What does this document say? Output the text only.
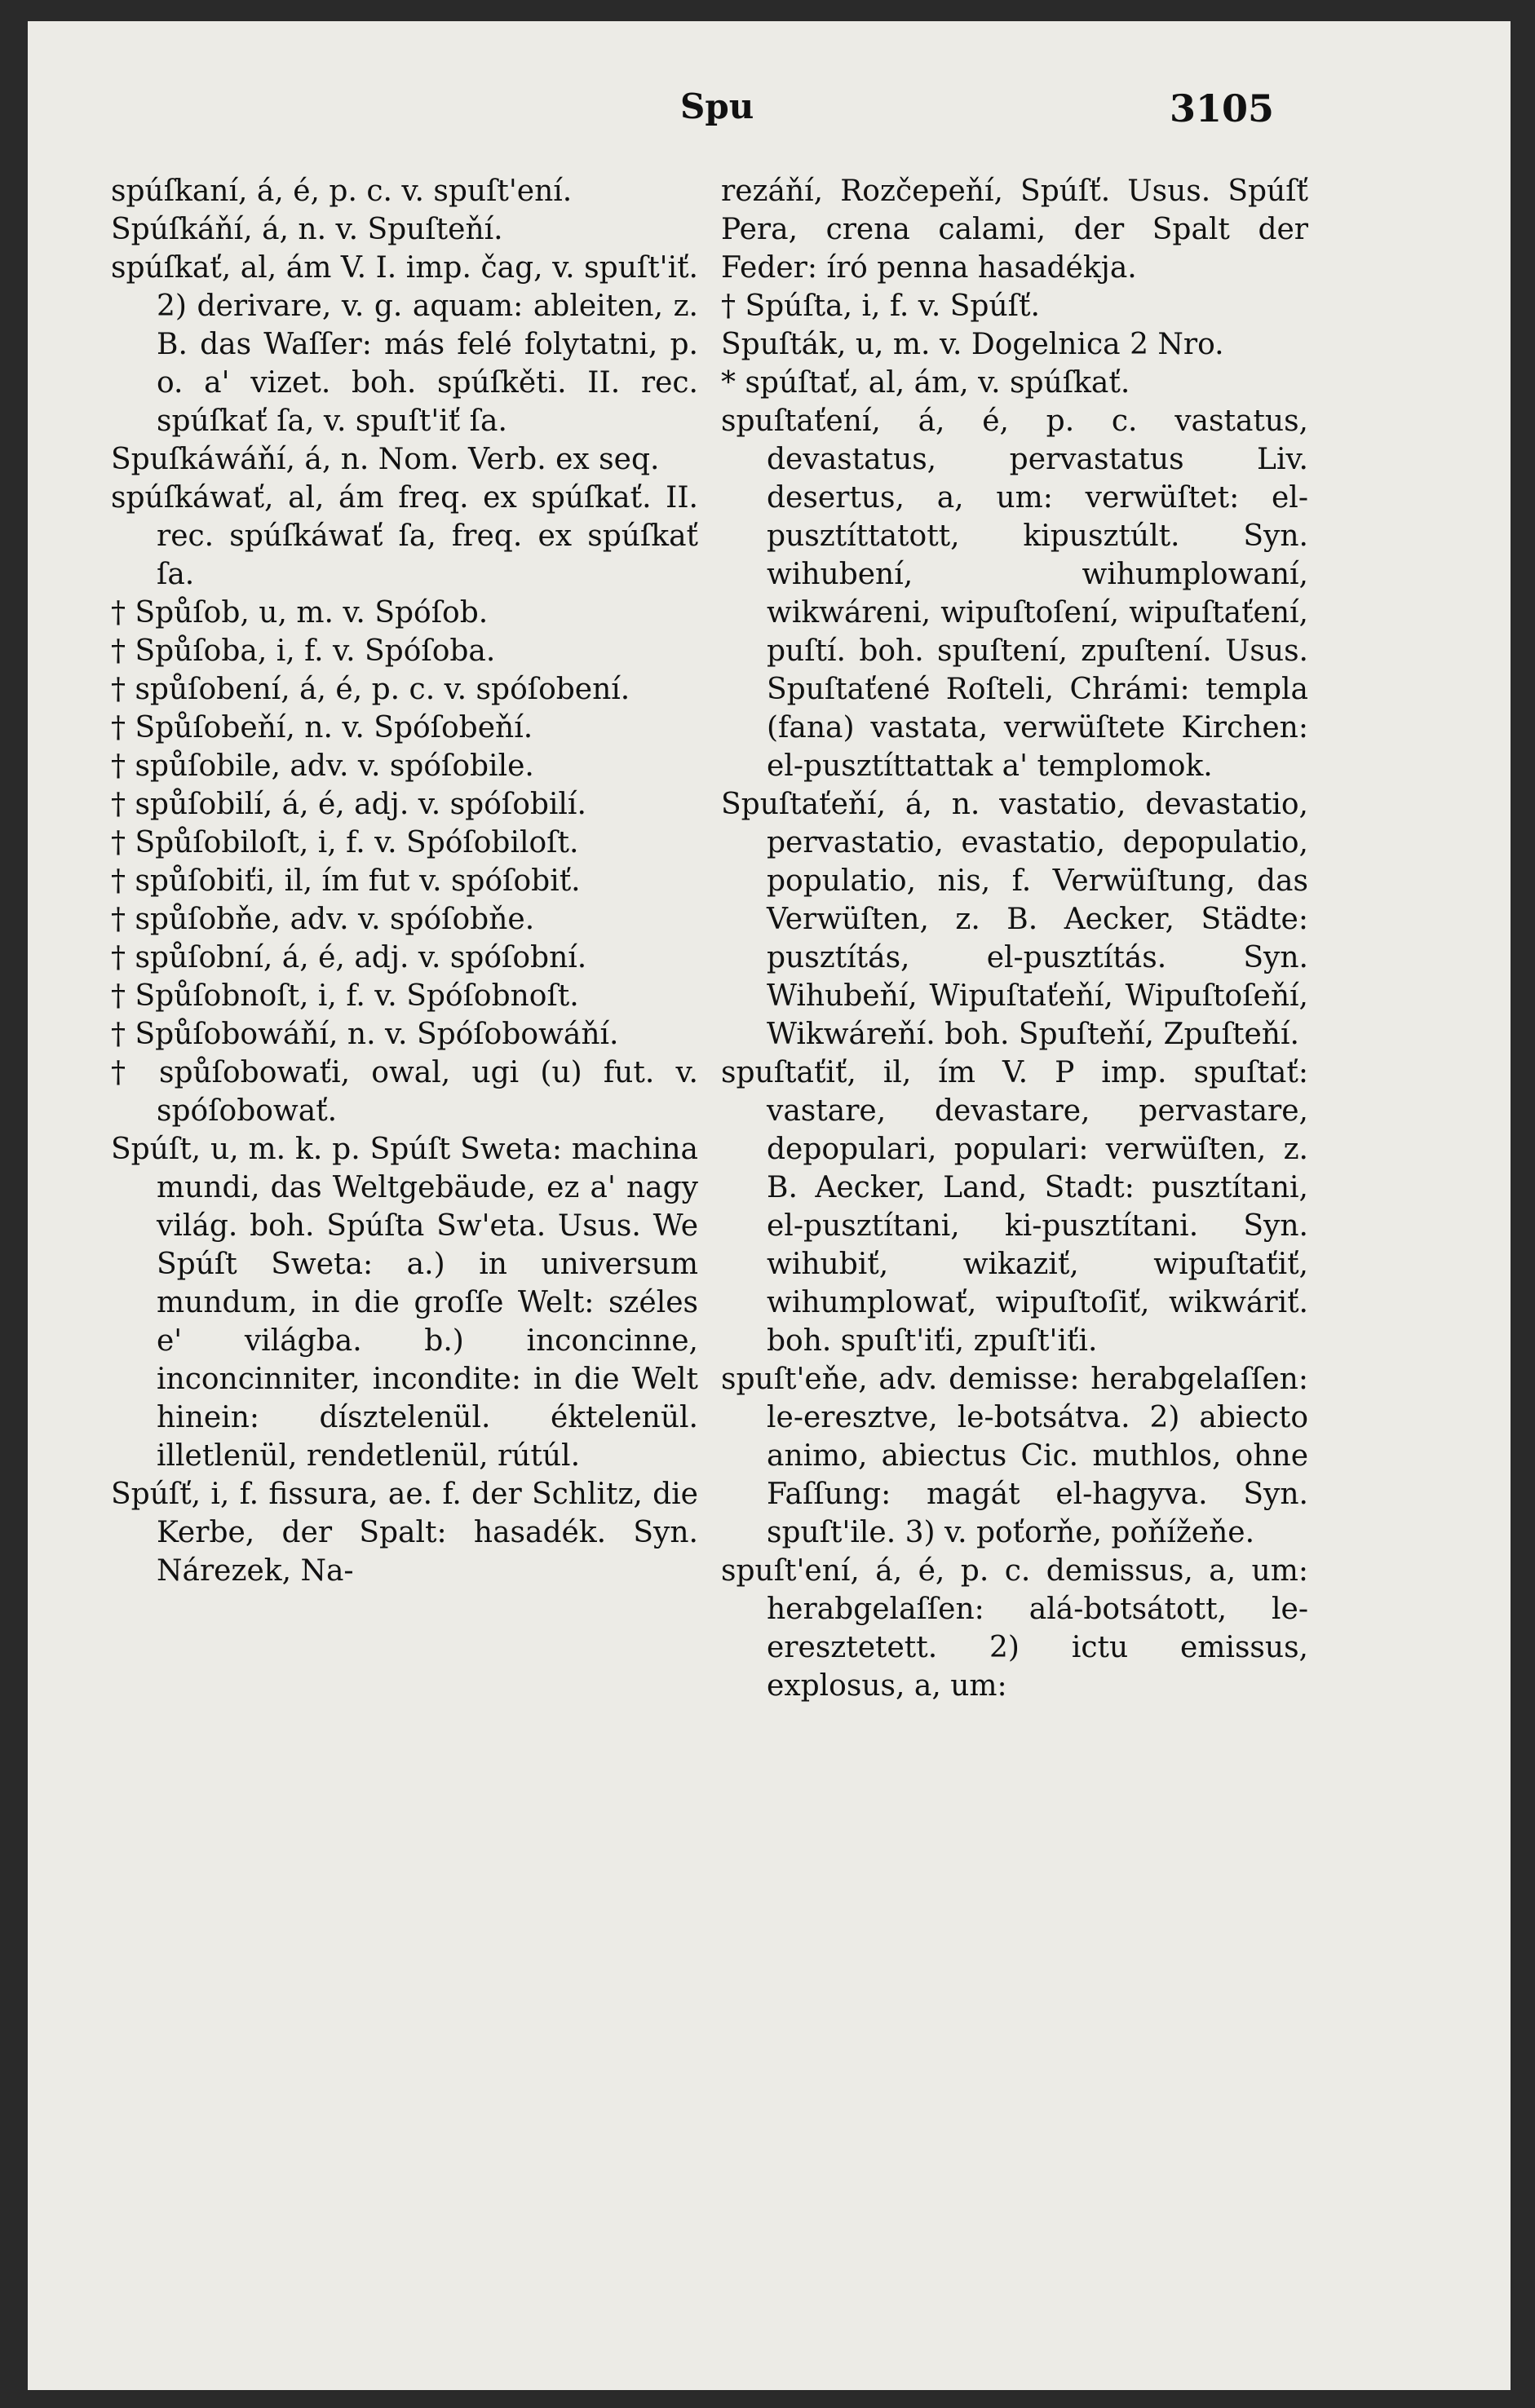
Spu	3105

spúſkaní, á, é, p. c. v. spuſt'ení.

Spúſkáňí, á, n. v. Spuſteňí.

spúſkať, al, ám V. I. imp. čag, v. spuſt'iť. 2) derivare, v. g. aquam: ableiten, z. B. das Waſſer: más felé folytatni, p. o. a' vizet. boh. spúſkěti. II. rec. spúſkať ſa, v. spuſt'iť ſa.

Spuſkáwáňí, á, n. Nom. Verb. ex seq.

spúſkáwať, al, ám freq. ex spúſkať. II. rec. spúſkáwať ſa, freq. ex spúſkať ſa.

† Spůſob, u, m. v. Spóſob.

† Spůſoba, i, f. v. Spóſoba.

† spůſobení, á, é, p. c. v. spóſobení.

† Spůſobeňí, n. v. Spóſobeňí.

† spůſobile, adv. v. spóſobile.

† spůſobilí, á, é, adj. v. spóſobilí.

† Spůſobiloſt, i, f. v. Spóſobiloſt.

† spůſobiťi, il, ím fut v. spóſobiť.

† spůſobňe, adv. v. spóſobňe.

† spůſobní, á, é, adj. v. spóſobní.

† Spůſobnoſt, i, f. v. Spóſobnoſt.

† Spůſobowáňí, n. v. Spóſobowáňí.

† spůſobowaťi, owal, ugi (u) fut. v. spóſobowať.

Spúſt, u, m. k. p. Spúſt Sweta: machina mundi, das Weltgebäude, ez a' nagy világ. boh. Spúſta Sw'eta. Usus. We Spúſt Sweta: a.) in universum mundum, in die groſſe Welt: széles e' világba. b.) inconcinne, inconcinniter, incondite: in die Welt hinein: dísztelenül. éktelenül. illetlenül, rendetlenül, rútúl.

Spúſť, i, f. fissura, ae. f. der Schlitz, die Kerbe, der Spalt: hasadék. Syn. Nárezek, Na-

rezáňí, Rozčepeňí, Spúſť. Usus. Spúſť Pera, crena calami, der Spalt der Feder: író penna hasadékja.

† Spúſta, i, f. v. Spúſť.

Spuſták, u, m. v. Dogelnica 2 Nro.

* spúſtať, al, ám, v. spúſkať.

spuſtaťení, á, é, p. c. vastatus, devastatus, pervastatus Liv. desertus, a, um: verwüſtet: el-pusztíttatott, kipusztúlt. Syn. wihubení, wihumplowaní, wikwáreni, wipuſtoſení, wipuſtaťení, puſtí. boh. spuſtení, zpuſtení. Usus. Spuſtaťené Roſteli, Chrámi: templa (fana) vastata, verwüſtete Kirchen: el-pusztíttattak a' templomok.

Spuſtaťeňí, á, n. vastatio, devastatio, pervastatio, evastatio, depopulatio, populatio, nis, f. Verwüſtung, das Verwüſten, z. B. Aecker, Städte: pusztítás, el-pusztítás. Syn. Wihubeňí, Wipuſtaťeňí, Wipuſtoſeňí, Wikwáreňí. boh. Spuſteňí, Zpuſteňí.

spuſtaťiť, il, ím V. P imp. spuſtať: vastare, devastare, pervastare, depopulari, populari: verwüſten, z. B. Aecker, Land, Stadt: pusztítani, el-pusztítani, ki-pusztítani. Syn. wihubiť, wikaziť, wipuſtaťiť, wihumplowať, wipuſtoſiť, wikwáriť. boh. spuſt'iťi, zpuſt'iťi.

spuſt'eňe, adv. demisse: herabgelaſſen: le-eresztve, le-botsátva. 2) abiecto animo, abiectus Cic. muthlos, ohne Faſſung: magát el-hagyva. Syn. spuſt'ile. 3) v. poťorňe, poňížeňe.

spuſt'ení, á, é, p. c. demissus, a, um: herabgelaſſen: alá-botsátott, le-eresztetett. 2) ictu emissus, explosus, a, um:
